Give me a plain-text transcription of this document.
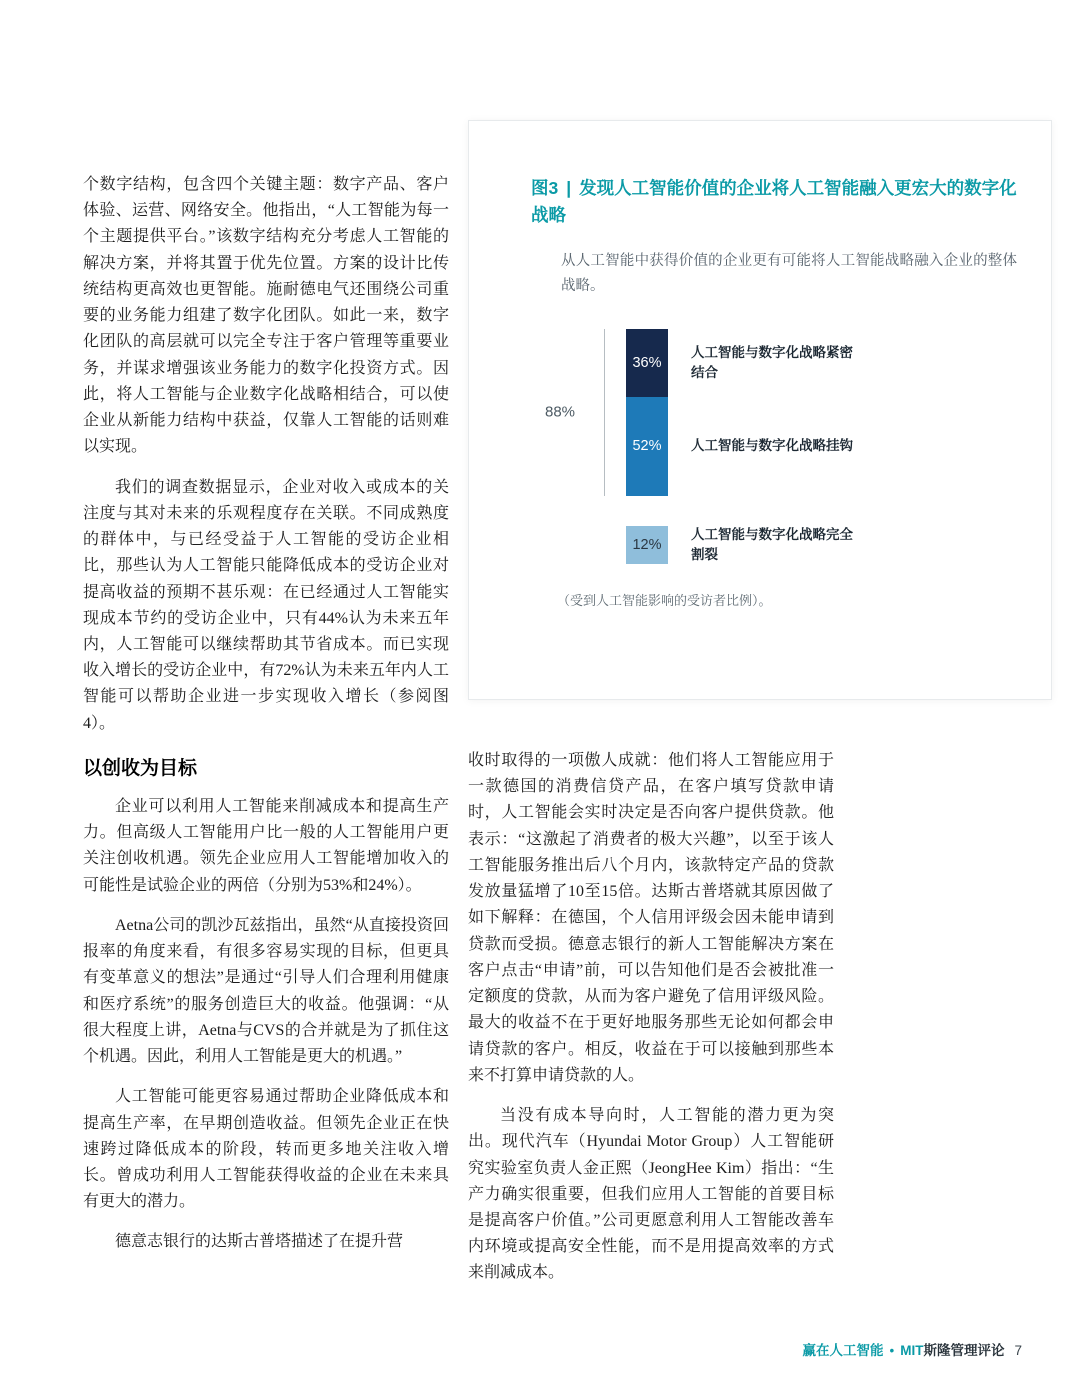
个数字结构，包含四个关键主题：数字产品、客户体验、运营、网络安全。他指出，“人工智能为每一个主题提供平台。”该数字结构充分考虑人工智能的解决方案，并将其置于优先位置。方案的设计比传统结构更高效也更智能。施耐德电气还围绕公司重要的业务能力组建了数字化团队。如此一来，数字化团队的高层就可以完全专注于客户管理等重要业务，并谋求增强该业务能力的数字化投资方式。因此，将人工智能与企业数字化战略相结合，可以使企业从新能力结构中获益，仅靠人工智能的话则难以实现。

我们的调查数据显示，企业对收入或成本的关注度与其对未来的乐观程度存在关联。不同成熟度的群体中，与已经受益于人工智能的受访企业相比，那些认为人工智能只能降低成本的受访企业对提高收益的预期不甚乐观：在已经通过人工智能实现成本节约的受访企业中，只有44%认为未来五年内，人工智能可以继续帮助其节省成本。而已实现收入增长的受访企业中，有72%认为未来五年内人工智能可以帮助企业进一步实现收入增长（参阅图4）。

以创收为目标

企业可以利用人工智能来削减成本和提高生产力。但高级人工智能用户比一般的人工智能用户更关注创收机遇。领先企业应用人工智能增加收入的可能性是试验企业的两倍（分别为53%和24%）。

Aetna公司的凯沙瓦兹指出，虽然“从直接投资回报率的角度来看，有很多容易实现的目标，但更具有变革意义的想法”是通过“引导人们合理利用健康和医疗系统”的服务创造巨大的收益。他强调：“从很大程度上讲，Aetna与CVS的合并就是为了抓住这个机遇。因此，利用人工智能是更大的机遇。”

人工智能可能更容易通过帮助企业降低成本和提高生产率，在早期创造收益。但领先企业正在快速跨过降低成本的阶段，转而更多地关注收入增长。曾成功利用人工智能获得收益的企业在未来具有更大的潜力。

德意志银行的达斯古普塔描述了在提升营

图3 | 发现人工智能价值的企业将人工智能融入更宏大的数字化战略

从人工智能中获得价值的企业更有可能将人工智能战略融入企业的整体战略。

88%
36%
52%
12%
人工智能与数字化战略紧密结合
人工智能与数字化战略挂钩
人工智能与数字化战略完全割裂

（受到人工智能影响的受访者比例）。

收时取得的一项傲人成就：他们将人工智能应用于一款德国的消费信贷产品，在客户填写贷款申请时，人工智能会实时决定是否向客户提供贷款。他表示：“这激起了消费者的极大兴趣”，以至于该人工智能服务推出后八个月内，该款特定产品的贷款发放量猛增了10至15倍。达斯古普塔就其原因做了如下解释：在德国，个人信用评级会因未能申请到贷款而受损。德意志银行的新人工智能解决方案在客户点击“申请”前，可以告知他们是否会被批准一定额度的贷款，从而为客户避免了信用评级风险。最大的收益不在于更好地服务那些无论如何都会申请贷款的客户。相反，收益在于可以接触到那些本来不打算申请贷款的人。

当没有成本导向时，人工智能的潜力更为突出。现代汽车（Hyundai Motor Group）人工智能研究实验室负责人金正熙（JeongHee Kim）指出：“生产力确实很重要，但我们应用人工智能的首要目标是提高客户价值。”公司更愿意利用人工智能改善车内环境或提高安全性能，而不是用提高效率的方式来削减成本。

赢在人工智能 • MIT斯隆管理评论 7
